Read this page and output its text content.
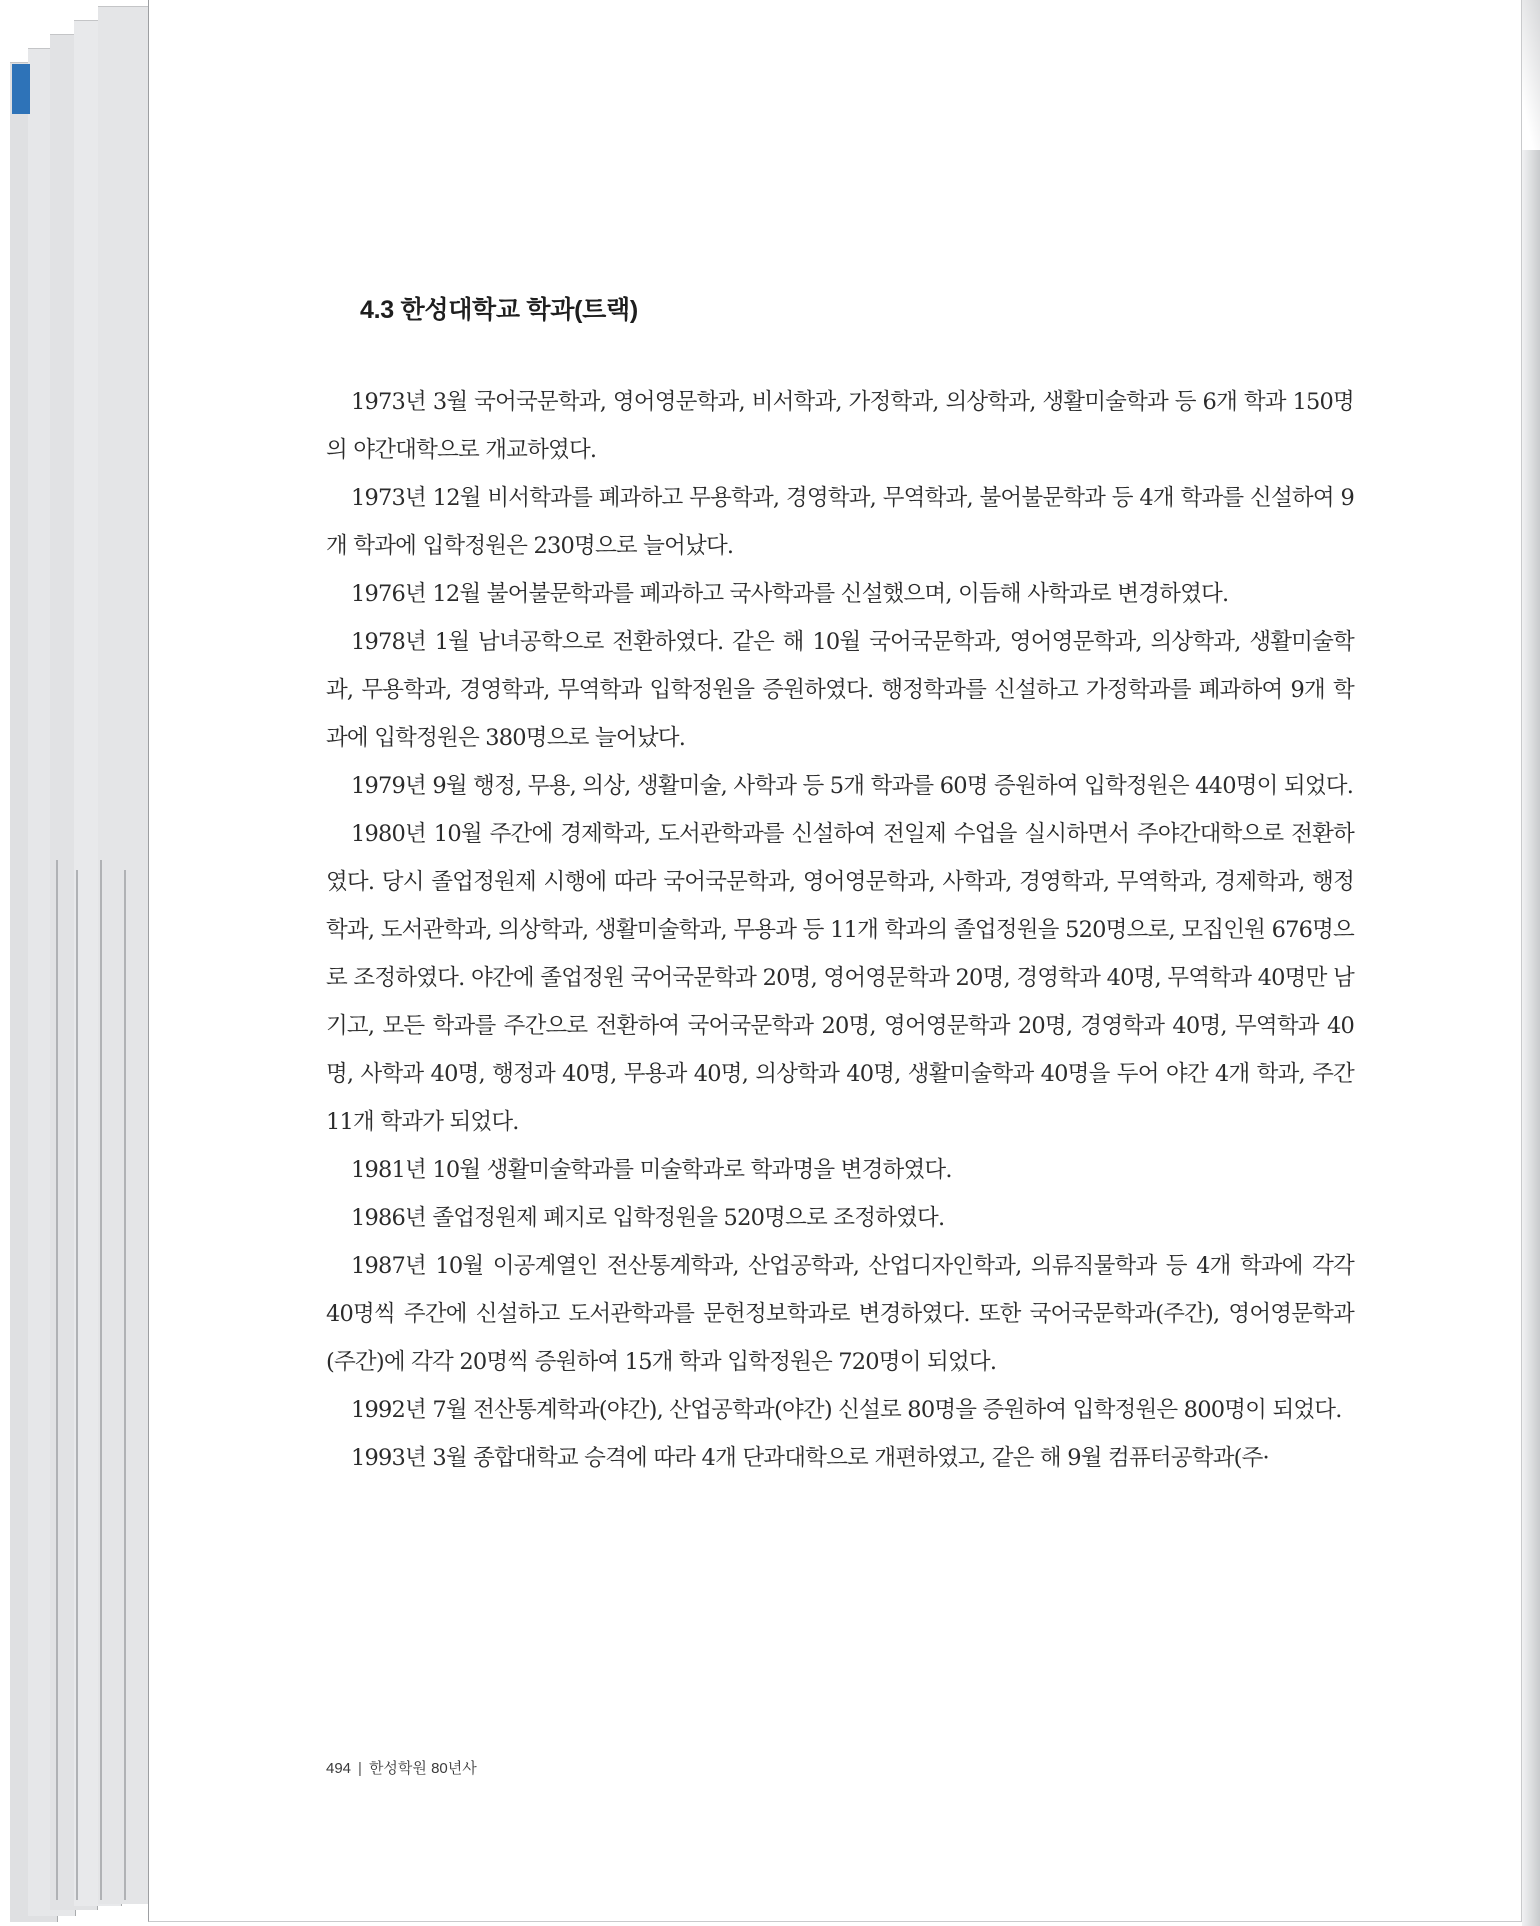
4.3 한성대학교 학과(트랙)

1973년 3월 국어국문학과, 영어영문학과, 비서학과, 가정학과, 의상학과, 생활미술학과 등 6개 학과 150명의 야간대학으로 개교하였다.

1973년 12월 비서학과를 폐과하고 무용학과, 경영학과, 무역학과, 불어불문학과 등 4개 학과를 신설하여 9개 학과에 입학정원은 230명으로 늘어났다.

1976년 12월 불어불문학과를 폐과하고 국사학과를 신설했으며, 이듬해 사학과로 변경하였다.

1978년 1월 남녀공학으로 전환하였다. 같은 해 10월 국어국문학과, 영어영문학과, 의상학과, 생활미술학과, 무용학과, 경영학과, 무역학과 입학정원을 증원하였다. 행정학과를 신설하고 가정학과를 폐과하여 9개 학과에 입학정원은 380명으로 늘어났다.

1979년 9월 행정, 무용, 의상, 생활미술, 사학과 등 5개 학과를 60명 증원하여 입학정원은 440명이 되었다.

1980년 10월 주간에 경제학과, 도서관학과를 신설하여 전일제 수업을 실시하면서 주야간대학으로 전환하였다. 당시 졸업정원제 시행에 따라 국어국문학과, 영어영문학과, 사학과, 경영학과, 무역학과, 경제학과, 행정학과, 도서관학과, 의상학과, 생활미술학과, 무용과 등 11개 학과의 졸업정원을 520명으로, 모집인원 676명으로 조정하였다. 야간에 졸업정원 국어국문학과 20명, 영어영문학과 20명, 경영학과 40명, 무역학과 40명만 남기고, 모든 학과를 주간으로 전환하여 국어국문학과 20명, 영어영문학과 20명, 경영학과 40명, 무역학과 40명, 사학과 40명, 행정과 40명, 무용과 40명, 의상학과 40명, 생활미술학과 40명을 두어 야간 4개 학과, 주간 11개 학과가 되었다.

1981년 10월 생활미술학과를 미술학과로 학과명을 변경하였다.

1986년 졸업정원제 폐지로 입학정원을 520명으로 조정하였다.

1987년 10월 이공계열인 전산통계학과, 산업공학과, 산업디자인학과, 의류직물학과 등 4개 학과에 각각 40명씩 주간에 신설하고 도서관학과를 문헌정보학과로 변경하였다. 또한 국어국문학과(주간), 영어영문학과(주간)에 각각 20명씩 증원하여 15개 학과 입학정원은 720명이 되었다.

1992년 7월 전산통계학과(야간), 산업공학과(야간) 신설로 80명을 증원하여 입학정원은 800명이 되었다.

1993년 3월 종합대학교 승격에 따라 4개 단과대학으로 개편하였고, 같은 해 9월 컴퓨터공학과(주·

494 | 한성학원 80년사
